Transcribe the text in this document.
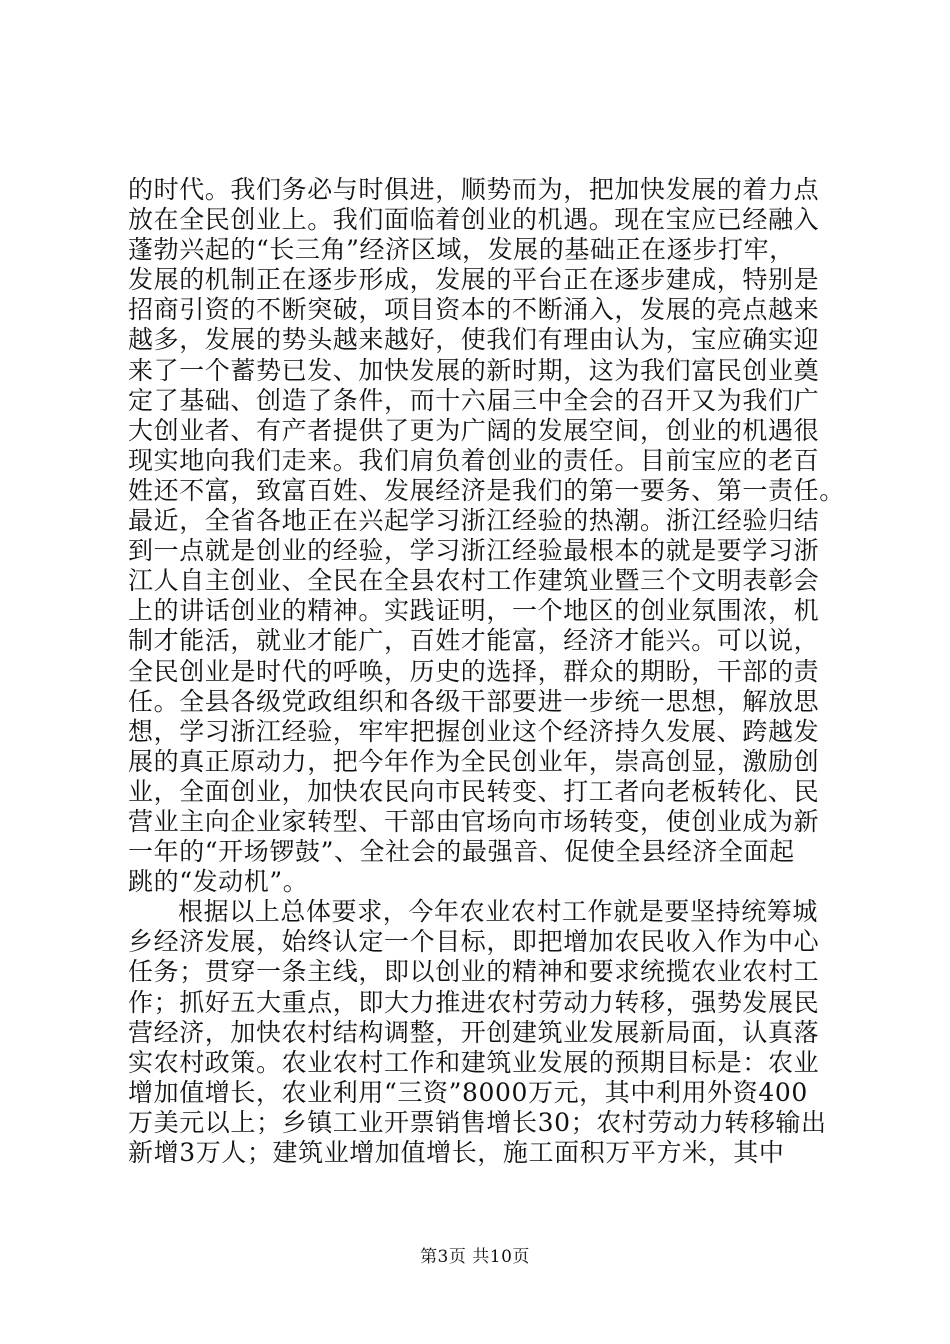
的时代。我们务必与时俱进，顺势而为，把加快发展的着力点
放在全民创业上。我们面临着创业的机遇。现在宝应已经融入
蓬勃兴起的“长三角”经济区域，发展的基础正在逐步打牢，
发展的机制正在逐步形成，发展的平台正在逐步建成，特别是
招商引资的不断突破，项目资本的不断涌入，发展的亮点越来
越多，发展的势头越来越好，使我们有理由认为，宝应确实迎
来了一个蓄势已发、加快发展的新时期，这为我们富民创业奠
定了基础、创造了条件，而十六届三中全会的召开又为我们广
大创业者、有产者提供了更为广阔的发展空间，创业的机遇很
现实地向我们走来。我们肩负着创业的责任。目前宝应的老百
姓还不富，致富百姓、发展经济是我们的第一要务、第一责任。
最近，全省各地正在兴起学习浙江经验的热潮。浙江经验归结
到一点就是创业的经验，学习浙江经验最根本的就是要学习浙
江人自主创业、全民在全县农村工作建筑业暨三个文明表彰会
上的讲话创业的精神。实践证明，一个地区的创业氛围浓，机
制才能活，就业才能广，百姓才能富，经济才能兴。可以说，
全民创业是时代的呼唤，历史的选择，群众的期盼，干部的责
任。全县各级党政组织和各级干部要进一步统一思想，解放思
想，学习浙江经验，牢牢把握创业这个经济持久发展、跨越发
展的真正原动力，把今年作为全民创业年，崇高创显，激励创
业，全面创业，加快农民向市民转变、打工者向老板转化、民
营业主向企业家转型、干部由官场向市场转变，使创业成为新
一年的“开场锣鼓”、全社会的最强音、促使全县经济全面起
跳的“发动机”。

根据以上总体要求，今年农业农村工作就是要坚持统筹城
乡经济发展，始终认定一个目标，即把增加农民收入作为中心
任务；贯穿一条主线，即以创业的精神和要求统揽农业农村工
作；抓好五大重点，即大力推进农村劳动力转移，强势发展民
营经济，加快农村结构调整，开创建筑业发展新局面，认真落
实农村政策。农业农村工作和建筑业发展的预期目标是：农业
增加值增长，农业利用“三资”8000万元，其中利用外资400
万美元以上；乡镇工业开票销售增长30；农村劳动力转移输出
新增3万人；建筑业增加值增长，施工面积万平方米，其中

第3页 共10页
